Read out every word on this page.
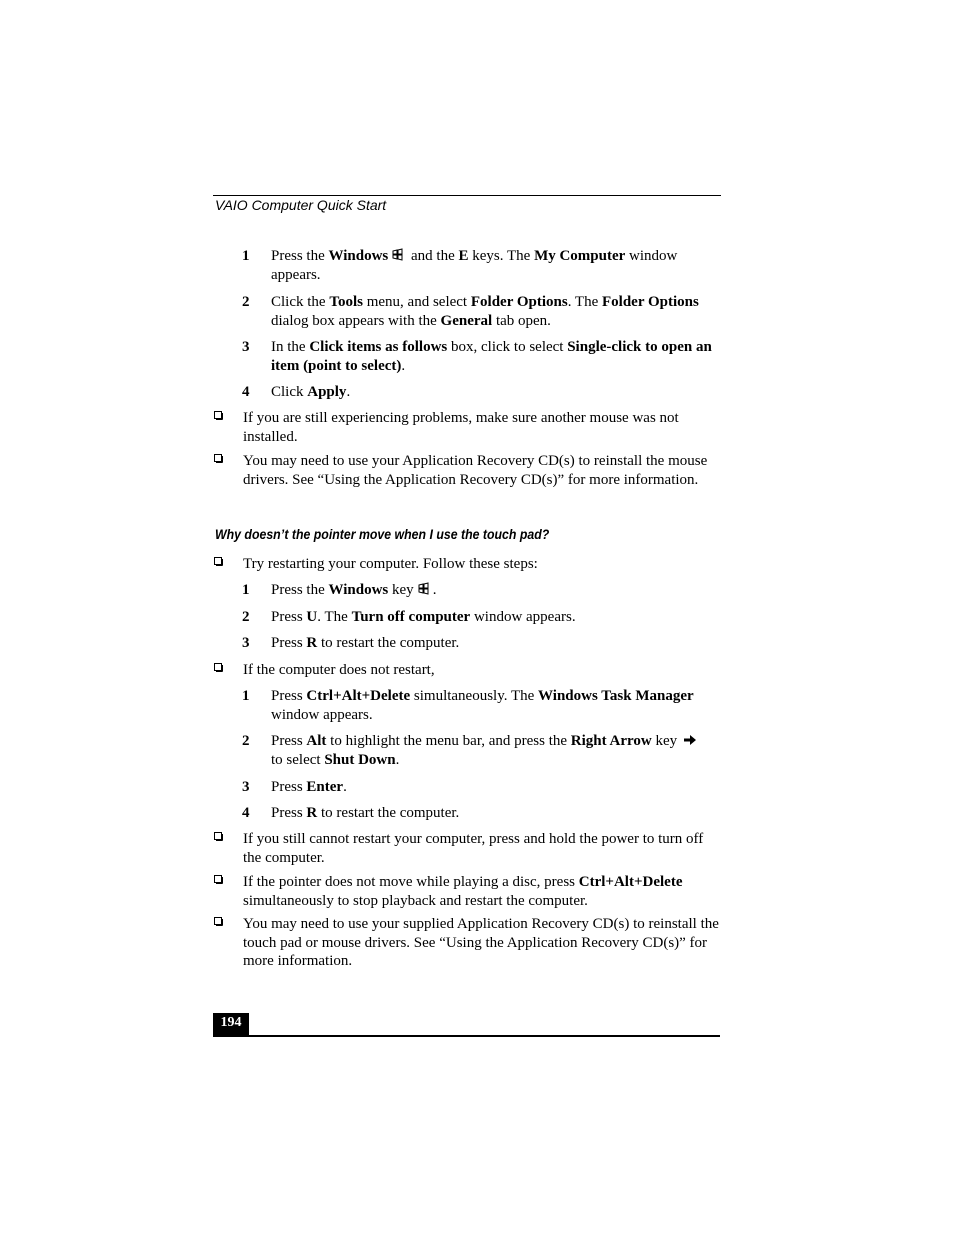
VAIO Computer Quick Start
1 Press the Windows and the E keys. The My Computer window appears.
2 Click the Tools menu, and select Folder Options. The Folder Options dialog box appears with the General tab open.
3 In the Click items as follows box, click to select Single-click to open an item (point to select).
4 Click Apply.
If you are still experiencing problems, make sure another mouse was not installed.
You may need to use your Application Recovery CD(s) to reinstall the mouse drivers. See “Using the Application Recovery CD(s)” for more information.
Why doesn’t the pointer move when I use the touch pad?
Try restarting your computer. Follow these steps:
1 Press the Windows key .
2 Press U. The Turn off computer window appears.
3 Press R to restart the computer.
If the computer does not restart,
1 Press Ctrl+Alt+Delete simultaneously. The Windows Task Manager window appears.
2 Press Alt to highlight the menu bar, and press the Right Arrow key
to select Shut Down.
3 Press Enter.
4 Press R to restart the computer.
If you still cannot restart your computer, press and hold the power to turn off the computer.
If the pointer does not move while playing a disc, press Ctrl+Alt+Delete simultaneously to stop playback and restart the computer.
You may need to use your supplied Application Recovery CD(s) to reinstall the touch pad or mouse drivers. See “Using the Application Recovery CD(s)” for more information.
194
